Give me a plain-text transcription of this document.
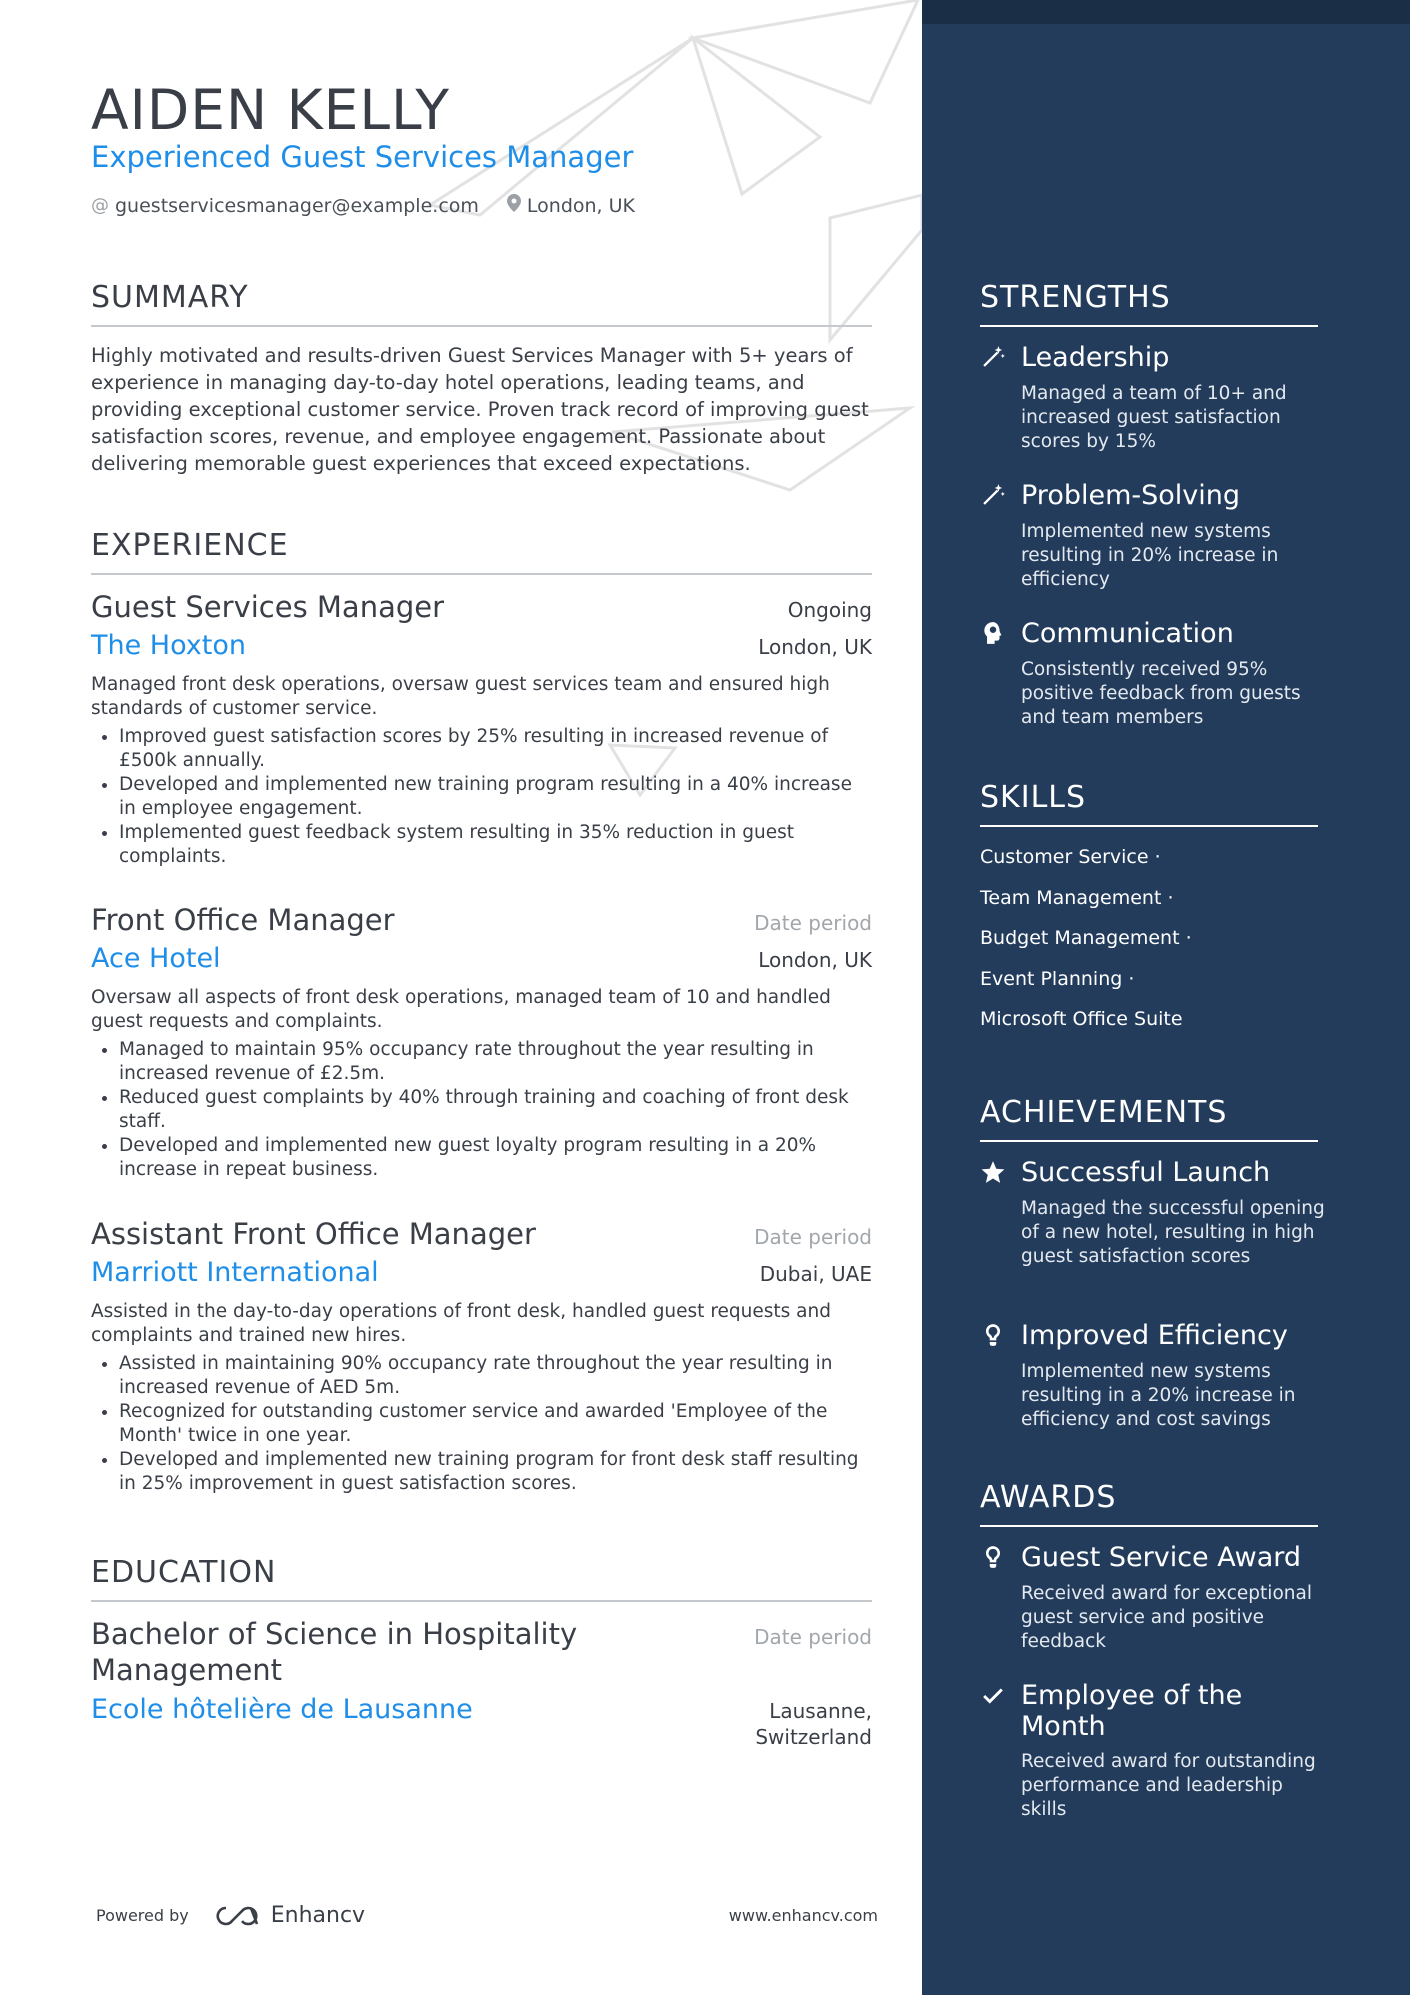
AIDEN KELLY
Experienced Guest Services Manager
@ guestservicesmanager@example.com	London, UK
SUMMARY
Highly motivated and results-driven Guest Services Manager with 5+ years of experience in managing day-to-day hotel operations, leading teams, and providing exceptional customer service. Proven track record of improving guest satisfaction scores, revenue, and employee engagement. Passionate about delivering memorable guest experiences that exceed expectations.
EXPERIENCE
Guest Services Manager	Ongoing
The Hoxton	London, UK
Managed front desk operations, oversaw guest services team and ensured high standards of customer service.
• Improved guest satisfaction scores by 25% resulting in increased revenue of £500k annually.
• Developed and implemented new training program resulting in a 40% increase in employee engagement.
• Implemented guest feedback system resulting in 35% reduction in guest complaints.
Front Office Manager	Date period
Ace Hotel	London, UK
Oversaw all aspects of front desk operations, managed team of 10 and handled guest requests and complaints.
• Managed to maintain 95% occupancy rate throughout the year resulting in increased revenue of £2.5m.
• Reduced guest complaints by 40% through training and coaching of front desk staff.
• Developed and implemented new guest loyalty program resulting in a 20% increase in repeat business.
Assistant Front Office Manager	Date period
Marriott International	Dubai, UAE
Assisted in the day-to-day operations of front desk, handled guest requests and complaints and trained new hires.
• Assisted in maintaining 90% occupancy rate throughout the year resulting in increased revenue of AED 5m.
• Recognized for outstanding customer service and awarded 'Employee of the Month' twice in one year.
• Developed and implemented new training program for front desk staff resulting in 25% improvement in guest satisfaction scores.
EDUCATION
Bachelor of Science in Hospitality
Management
Date period
Ecole hôtelière de Lausanne	Lausanne,
Switzerland
STRENGTHS
Leadership
Managed a team of 10+ and increased guest satisfaction scores by 15%
Problem-Solving
Implemented new systems resulting in 20% increase in efficiency
Communication
Consistently received 95% positive feedback from guests and team members
SKILLS
Customer Service ·
Team Management ·
Budget Management ·
Event Planning ·
Microsoft Office Suite
ACHIEVEMENTS
Successful Launch
Managed the successful opening of a new hotel, resulting in high guest satisfaction scores
Improved Efficiency
Implemented new systems resulting in a 20% increase in efficiency and cost savings
AWARDS
Guest Service Award
Received award for exceptional guest service and positive feedback
Employee of the
Month
Received award for outstanding performance and leadership skills
Powered by	Enhancv	www.enhancv.com
